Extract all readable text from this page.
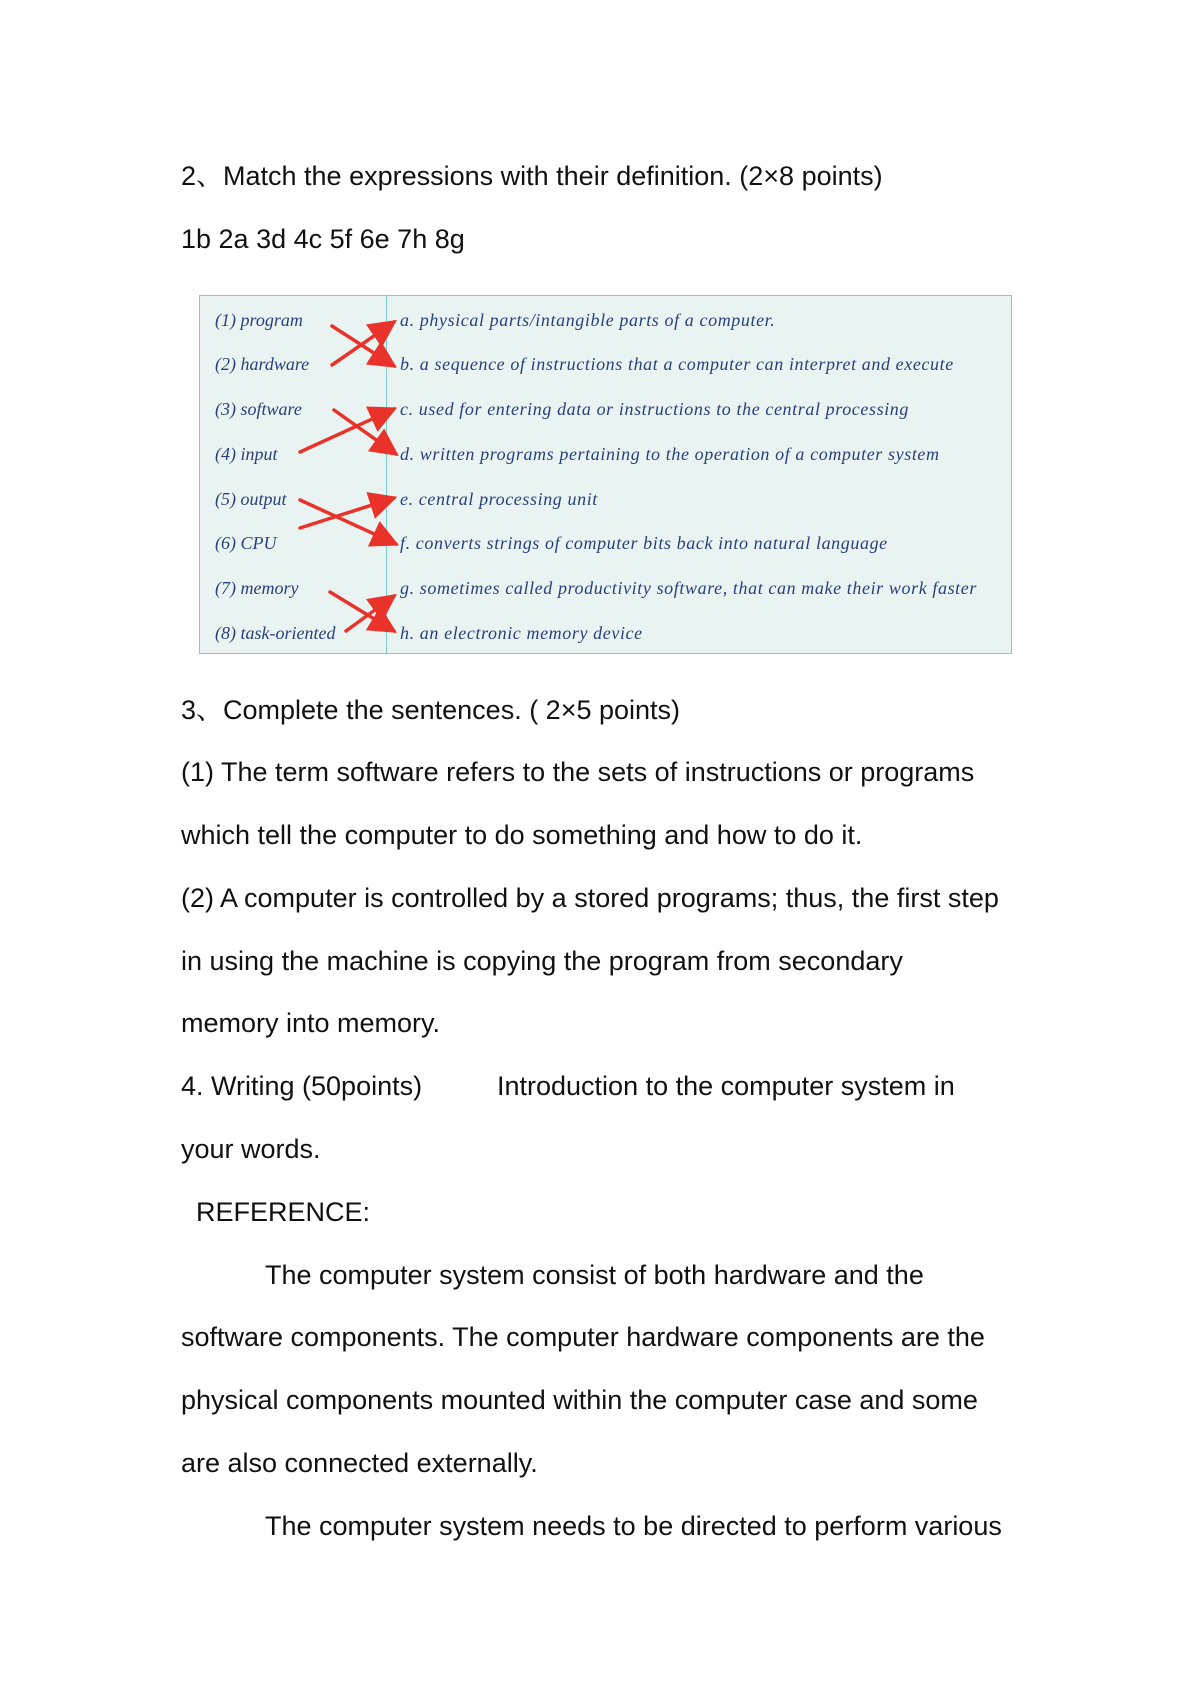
2、Match the expressions with their definition. (2×8 points)
1b 2a 3d 4c 5f 6e 7h 8g
(1) program
(2) hardware
(3) software
(4) input
(5) output
(6) CPU
(7) memory
(8) task-oriented
a. physical parts/intangible parts of a computer.
b. a sequence of instructions that a computer can interpret and execute
c. used for entering data or instructions to the central processing
d. written programs pertaining to the operation of a computer system
e. central processing unit
f. converts strings of computer bits back into natural language
g. sometimes called productivity software, that can make their work faster
h. an electronic memory device
3、Complete the sentences. ( 2×5 points)
(1) The term software refers to the sets of instructions or programs
which tell the computer to do something and how to do it.
(2) A computer is controlled by a stored programs; thus, the first step
in using the machine is copying the program from secondary
memory into memory.
4. Writing (50points)	Introduction to the computer system in
your words.
REFERENCE:
The computer system consist of both hardware and the
software components. The computer hardware components are the
physical components mounted within the computer case and some
are also connected externally.
The computer system needs to be directed to perform various
